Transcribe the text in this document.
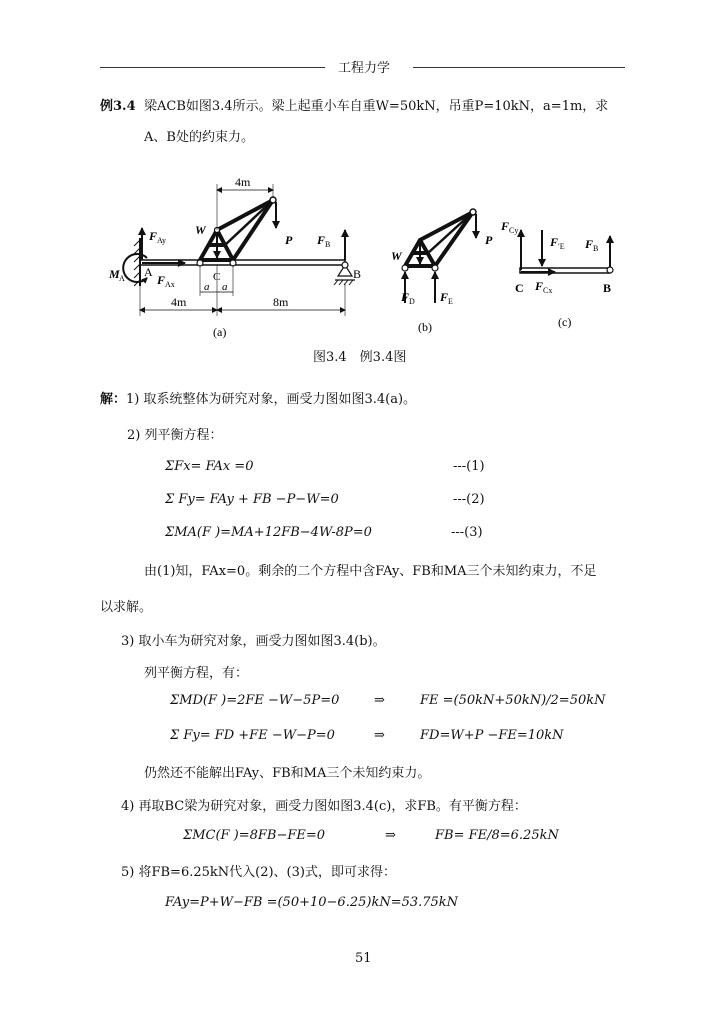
工程力学
例3.4 梁ACB如图3.4所示。梁上起重小车自重W=50kN，吊重P=10kN，a=1m，求
A、B处的约束力。
4m
4m	8m
a a
A	C	B
W
P
F Ay
F Ax
F B
M A
(a)
W
P
F D F E
(b)
F Cy
F ′E F B
C F Cx	B
(c)
图3.4　例3.4图
解：1) 取系统整体为研究对象，画受力图如图3.4(a)。
2) 列平衡方程：
ΣFx= FAx =0	---(1)
Σ Fy= FAy + FB −P−W=0	---(2)
ΣMA(F )=MA+12FB−4W-8P=0	---(3)
由(1)知，FAx=0。剩余的二个方程中含FAy、FB和MA三个未知约束力，不足
以求解。
3) 取小车为研究对象，画受力图如图3.4(b)。
列平衡方程，有：
ΣMD(F )=2FE −W−5P=0	⇒	FE =(50kN+50kN)/2=50kN
Σ Fy= FD +FE −W−P=0	⇒	FD=W+P −FE=10kN
仍然还不能解出FAy、FB和MA三个未知约束力。
4) 再取BC梁为研究对象，画受力图如图3.4(c)，求FB。有平衡方程：
ΣMC(F )=8FB−FE=0	⇒	FB= FE/8=6.25kN
5) 将FB=6.25kN代入(2)、(3)式，即可求得：
FAy=P+W−FB =(50+10−6.25)kN=53.75kN
51
